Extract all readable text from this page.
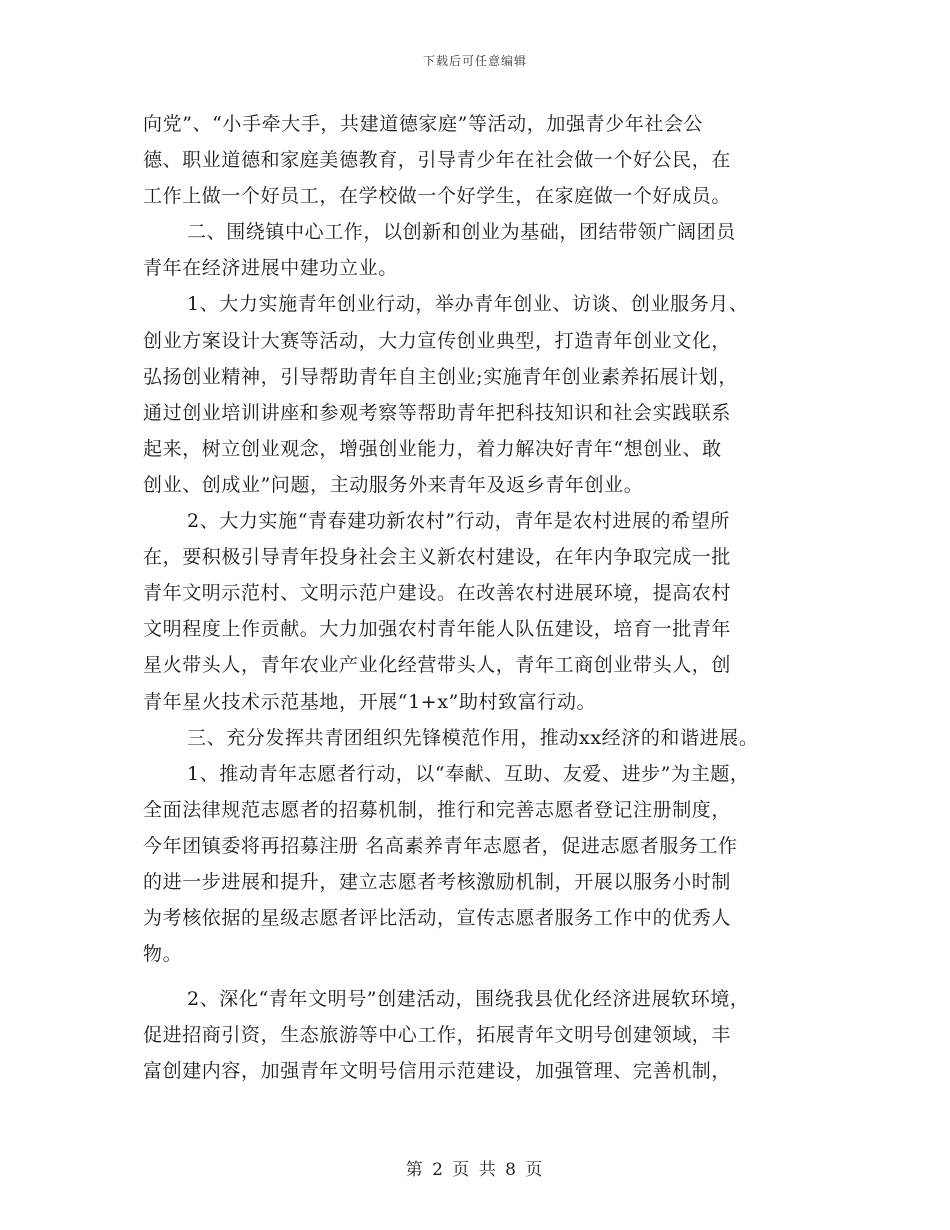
下载后可任意编辑
向党”、“小手牵大手，共建道德家庭”等活动，加强青少年社会公
德、职业道德和家庭美德教育，引导青少年在社会做一个好公民，在
工作上做一个好员工，在学校做一个好学生，在家庭做一个好成员。
二、围绕镇中心工作，以创新和创业为基础，团结带领广阔团员
青年在经济进展中建功立业。
1、大力实施青年创业行动，举办青年创业、访谈、创业服务月、
创业方案设计大赛等活动，大力宣传创业典型，打造青年创业文化，
弘扬创业精神，引导帮助青年自主创业;实施青年创业素养拓展计划，
通过创业培训讲座和参观考察等帮助青年把科技知识和社会实践联系
起来，树立创业观念，增强创业能力，着力解决好青年“想创业、敢
创业、创成业”问题，主动服务外来青年及返乡青年创业。
2、大力实施“青春建功新农村”行动，青年是农村进展的希望所
在，要积极引导青年投身社会主义新农村建设，在年内争取完成一批
青年文明示范村、文明示范户建设。在改善农村进展环境，提高农村
文明程度上作贡献。大力加强农村青年能人队伍建设，培育一批青年
星火带头人，青年农业产业化经营带头人，青年工商创业带头人，创
青年星火技术示范基地，开展“1+x”助村致富行动。
三、充分发挥共青团组织先锋模范作用，推动xx经济的和谐进展。
1、推动青年志愿者行动，以“奉献、互助、友爱、进步”为主题，
全面法律规范志愿者的招募机制，推行和完善志愿者登记注册制度，
今年团镇委将再招募注册 名高素养青年志愿者，促进志愿者服务工作
的进一步进展和提升，建立志愿者考核激励机制，开展以服务小时制
为考核依据的星级志愿者评比活动，宣传志愿者服务工作中的优秀人
物。
2、深化“青年文明号”创建活动，围绕我县优化经济进展软环境，
促进招商引资，生态旅游等中心工作，拓展青年文明号创建领域，丰
富创建内容，加强青年文明号信用示范建设，加强管理、完善机制，
第 2 页 共 8 页
